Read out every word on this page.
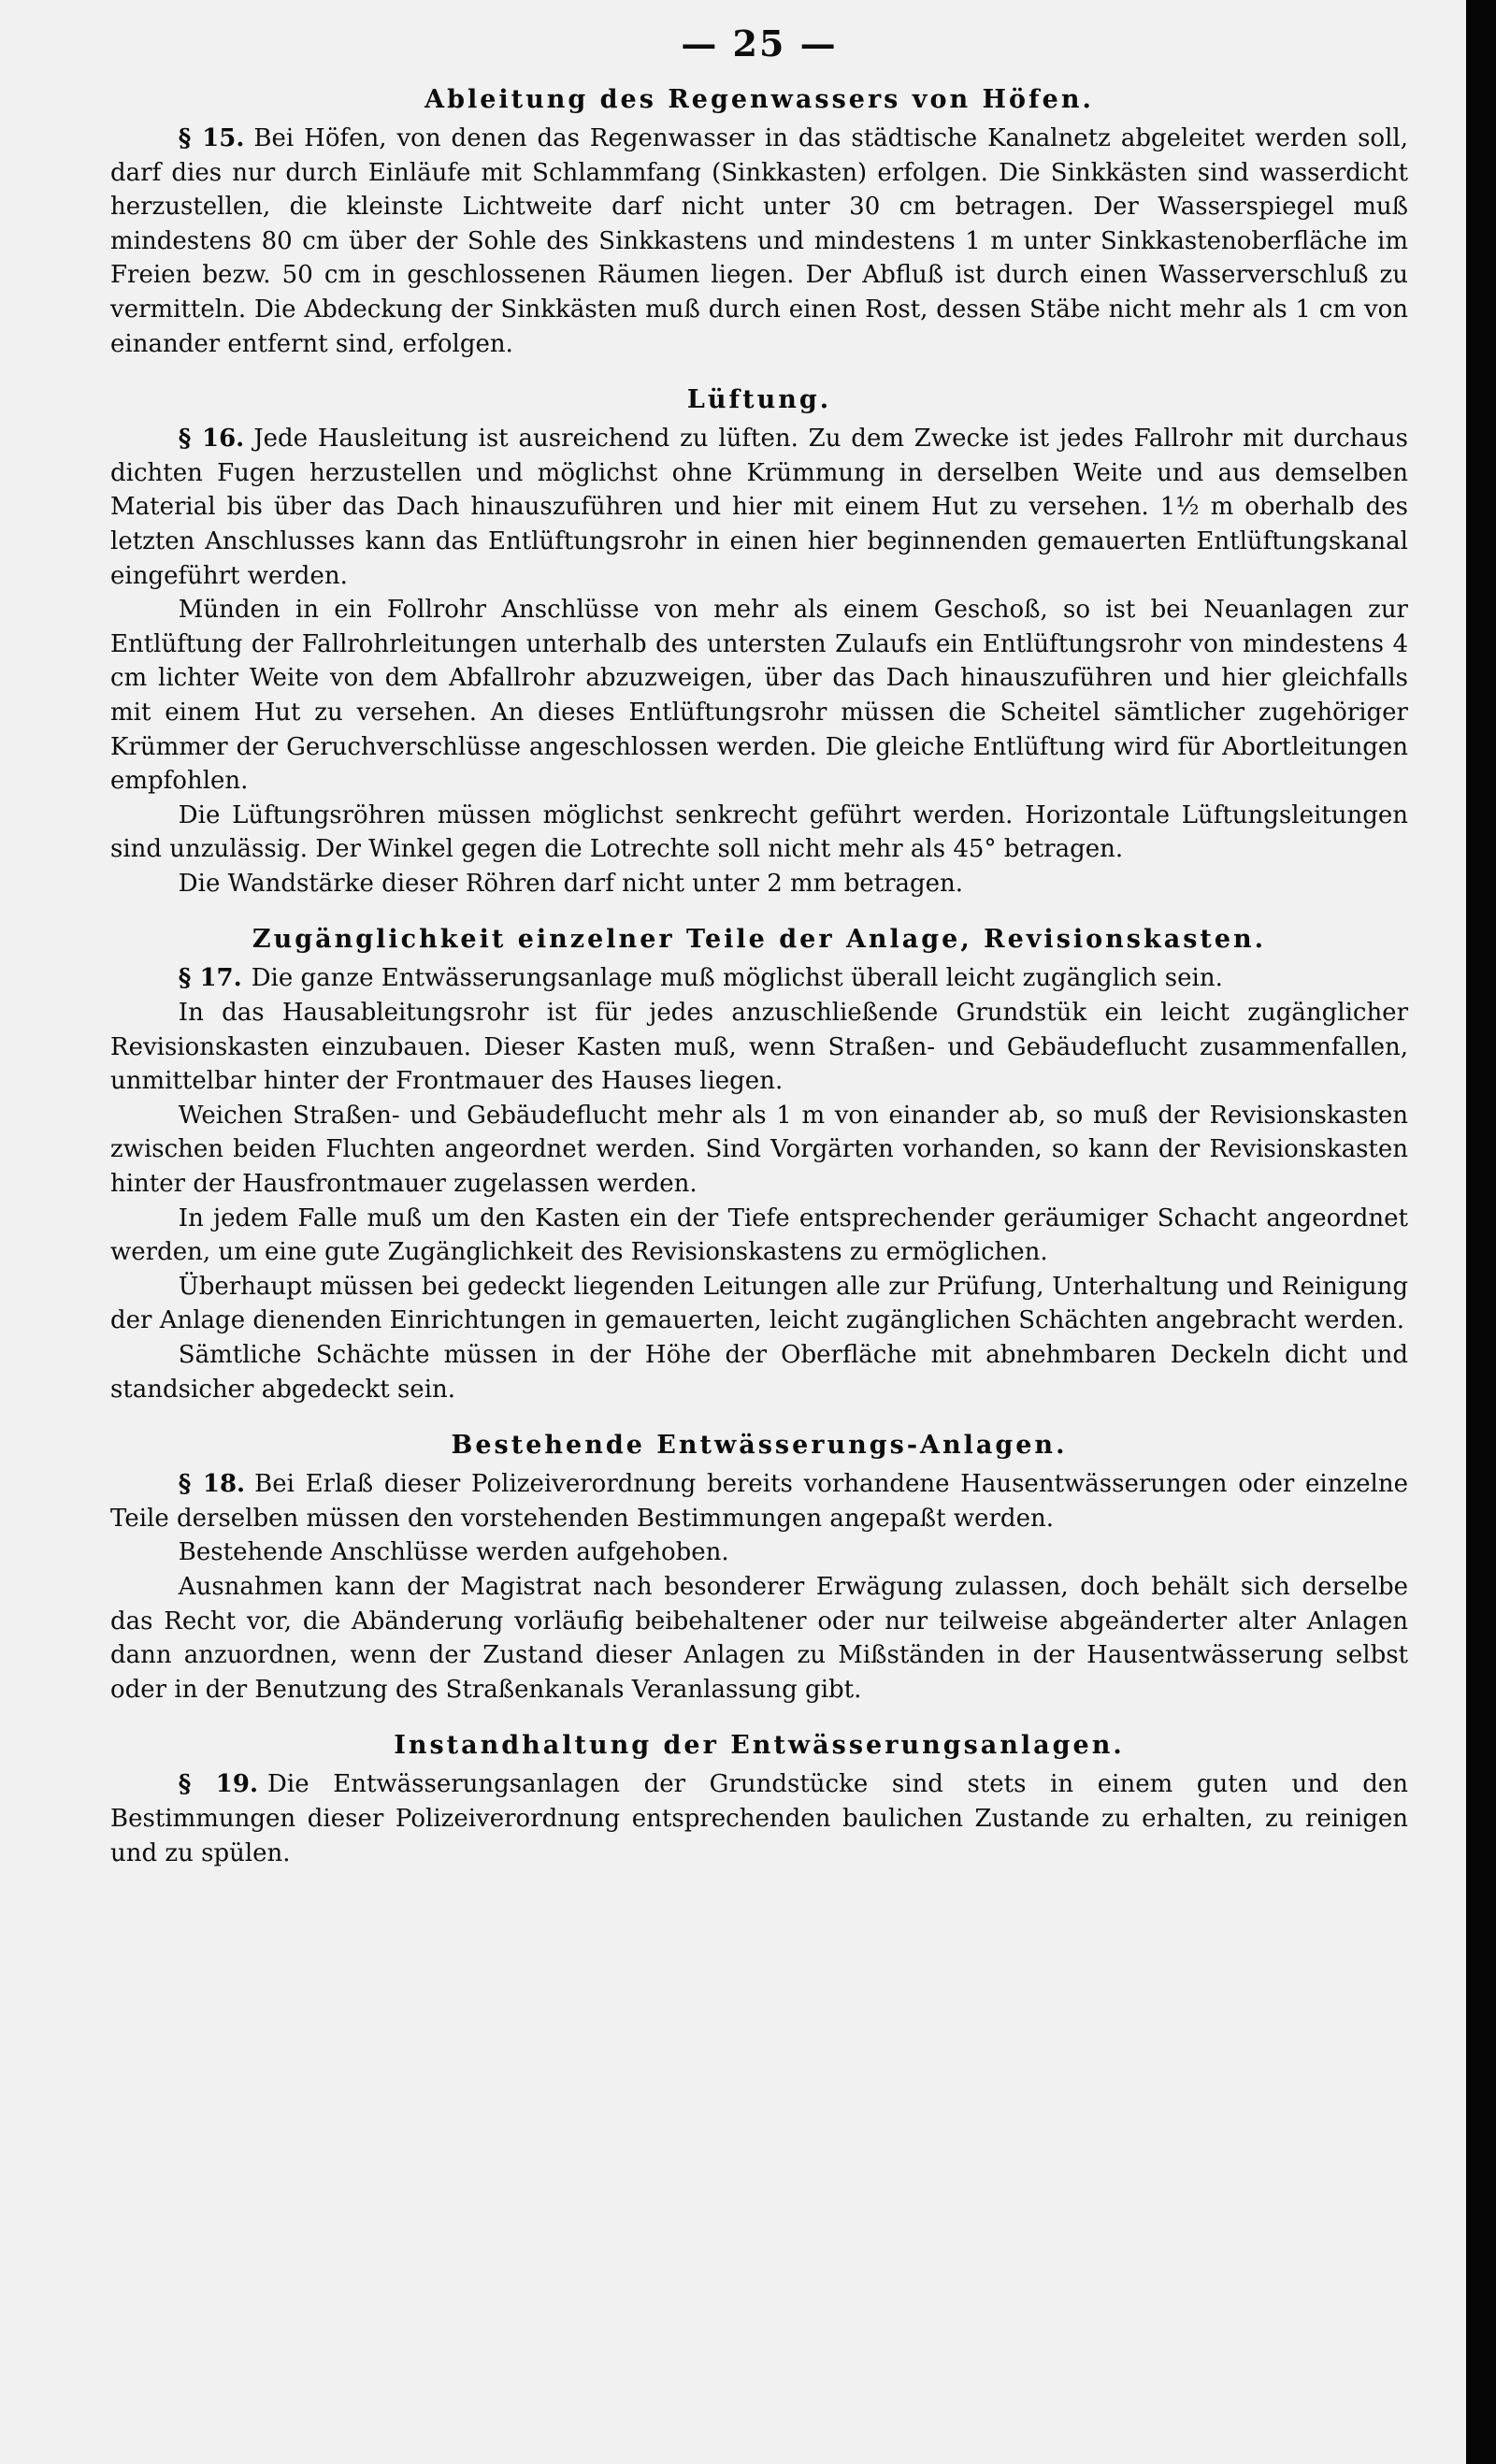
— 25 —
Ableitung des Regenwassers von Höfen.

§ 15. Bei Höfen, von denen das Regenwasser in das städtische Kanalnetz abgeleitet werden soll, darf dies nur durch Einläufe mit Schlammfang (Sinkkasten) erfolgen. Die Sinkkästen sind wasserdicht herzustellen, die kleinste Lichtweite darf nicht unter 30 cm betragen. Der Wasserspiegel muß mindestens 80 cm über der Sohle des Sinkkastens und mindestens 1 m unter Sinkkastenoberfläche im Freien bezw. 50 cm in geschlossenen Räumen liegen. Der Abfluß ist durch einen Wasserverschluß zu vermitteln. Die Abdeckung der Sinkkästen muß durch einen Rost, dessen Stäbe nicht mehr als 1 cm von einander entfernt sind, erfolgen.

Lüftung.

§ 16. Jede Hausleitung ist ausreichend zu lüften. Zu dem Zwecke ist jedes Fallrohr mit durchaus dichten Fugen herzustellen und möglichst ohne Krümmung in derselben Weite und aus demselben Material bis über das Dach hinauszuführen und hier mit einem Hut zu versehen. 1½ m oberhalb des letzten Anschlusses kann das Entlüftungsrohr in einen hier beginnenden gemauerten Entlüftungskanal eingeführt werden.

Münden in ein Follrohr Anschlüsse von mehr als einem Geschoß, so ist bei Neuanlagen zur Entlüftung der Fallrohrleitungen unterhalb des untersten Zulaufs ein Entlüftungsrohr von mindestens 4 cm lichter Weite von dem Abfallrohr abzuzweigen, über das Dach hinauszuführen und hier gleichfalls mit einem Hut zu versehen. An dieses Entlüftungsrohr müssen die Scheitel sämtlicher zugehöriger Krümmer der Geruchverschlüsse angeschlossen werden. Die gleiche Entlüftung wird für Abortleitungen empfohlen.

Die Lüftungsröhren müssen möglichst senkrecht geführt werden. Horizontale Lüftungsleitungen sind unzulässig. Der Winkel gegen die Lotrechte soll nicht mehr als 45° betragen.

Die Wandstärke dieser Röhren darf nicht unter 2 mm betragen.

Zugänglichkeit einzelner Teile der Anlage, Revisionskasten.

§ 17. Die ganze Entwässerungsanlage muß möglichst überall leicht zugänglich sein.

In das Hausableitungsrohr ist für jedes anzuschließende Grundstük ein leicht zugänglicher Revisionskasten einzubauen. Dieser Kasten muß, wenn Straßen- und Gebäudeflucht zusammenfallen, unmittelbar hinter der Frontmauer des Hauses liegen.

Weichen Straßen- und Gebäudeflucht mehr als 1 m von einander ab, so muß der Revisionskasten zwischen beiden Fluchten angeordnet werden. Sind Vorgärten vorhanden, so kann der Revisionskasten hinter der Hausfrontmauer zugelassen werden.

In jedem Falle muß um den Kasten ein der Tiefe entsprechender geräumiger Schacht angeordnet werden, um eine gute Zugänglichkeit des Revisionskastens zu ermöglichen.

Überhaupt müssen bei gedeckt liegenden Leitungen alle zur Prüfung, Unterhaltung und Reinigung der Anlage dienenden Einrichtungen in gemauerten, leicht zugänglichen Schächten angebracht werden.

Sämtliche Schächte müssen in der Höhe der Oberfläche mit abnehmbaren Deckeln dicht und standsicher abgedeckt sein.

Bestehende Entwässerungs-Anlagen.

§ 18. Bei Erlaß dieser Polizeiverordnung bereits vorhandene Hausentwässerungen oder einzelne Teile derselben müssen den vorstehenden Bestimmungen angepaßt werden.

Bestehende Anschlüsse werden aufgehoben.

Ausnahmen kann der Magistrat nach besonderer Erwägung zulassen, doch behält sich derselbe das Recht vor, die Abänderung vorläufig beibehaltener oder nur teilweise abgeänderter alter Anlagen dann anzuordnen, wenn der Zustand dieser Anlagen zu Mißständen in der Hausentwässerung selbst oder in der Benutzung des Straßenkanals Veranlassung gibt.

Instandhaltung der Entwässerungsanlagen.

§ 19. Die Entwässerungsanlagen der Grundstücke sind stets in einem guten und den Bestimmungen dieser Polizeiverordnung entsprechenden baulichen Zustande zu erhalten, zu reinigen und zu spülen.
